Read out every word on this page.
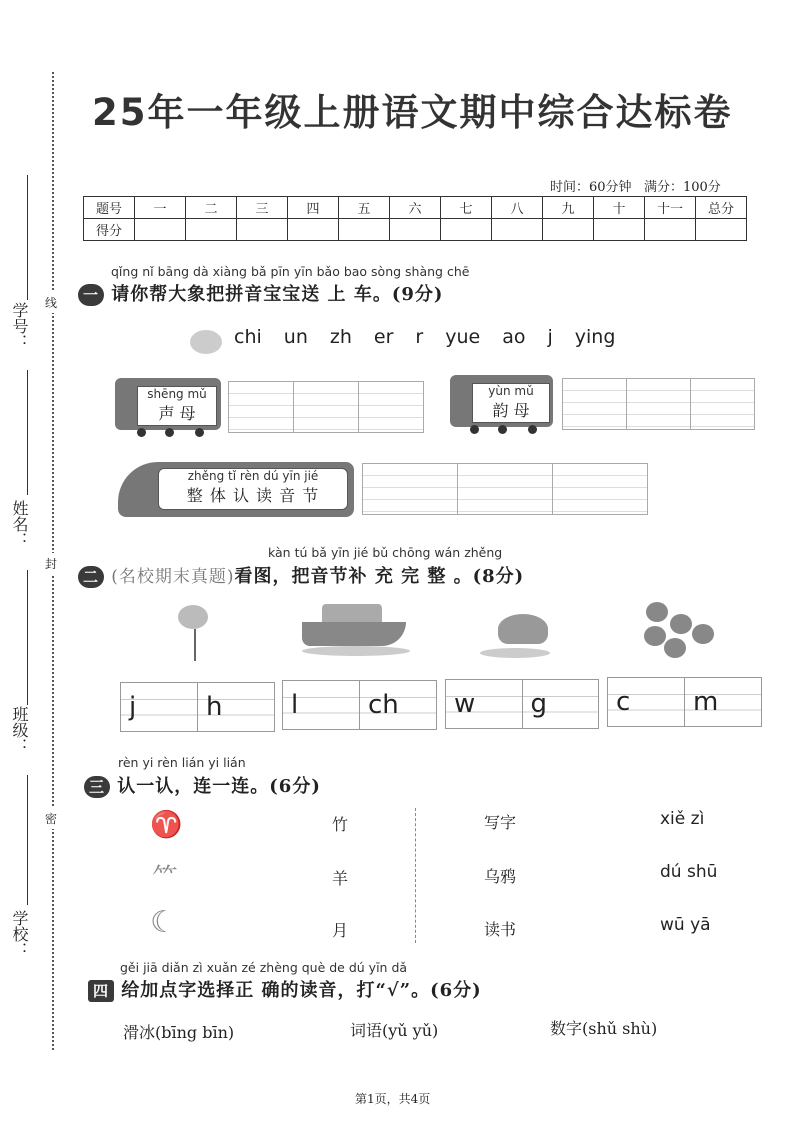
学号：
姓名：
班级：
学校：
线
封
密
25年一年级上册语文期中综合达标卷
时间：60分钟 满分：100分
题号	一	二	三	四	五	六	七	八	九	十	十一	总分
得分												
qǐng nǐ bāng dà xiàng bǎ pīn yīn bǎo bao sòng shàng chē
一 请你帮大象把拼音宝宝送 上 车。(9分)
chi un zh er r yue ao j ying
shēng mǔ
声 母
yùn mǔ
韵 母
zhěng tǐ rèn dú yīn jié
整 体 认 读 音 节
kàn tú bǎ yīn jié bǔ chōng wán zhěng
二 (名校期末真题)看图，把音节补 充 完 整 。(8分)
j	h	l	ch	w	g	c	m
rèn yi rèn lián yi lián
三 认一认，连一连。(6分)
♈
⺮
☾
竹
羊
月
写字
乌鸦
读书
xiě zì
dú shū
wū yā
gěi jiā diǎn zì xuǎn zé zhèng què de dú yīn dǎ
四 给加点字选择正 确的读音，打“√”。(6分)
滑冰(bīng bīn)	词语(yǔ yǔ)	数字(shǔ shù)
第1页，共4页
